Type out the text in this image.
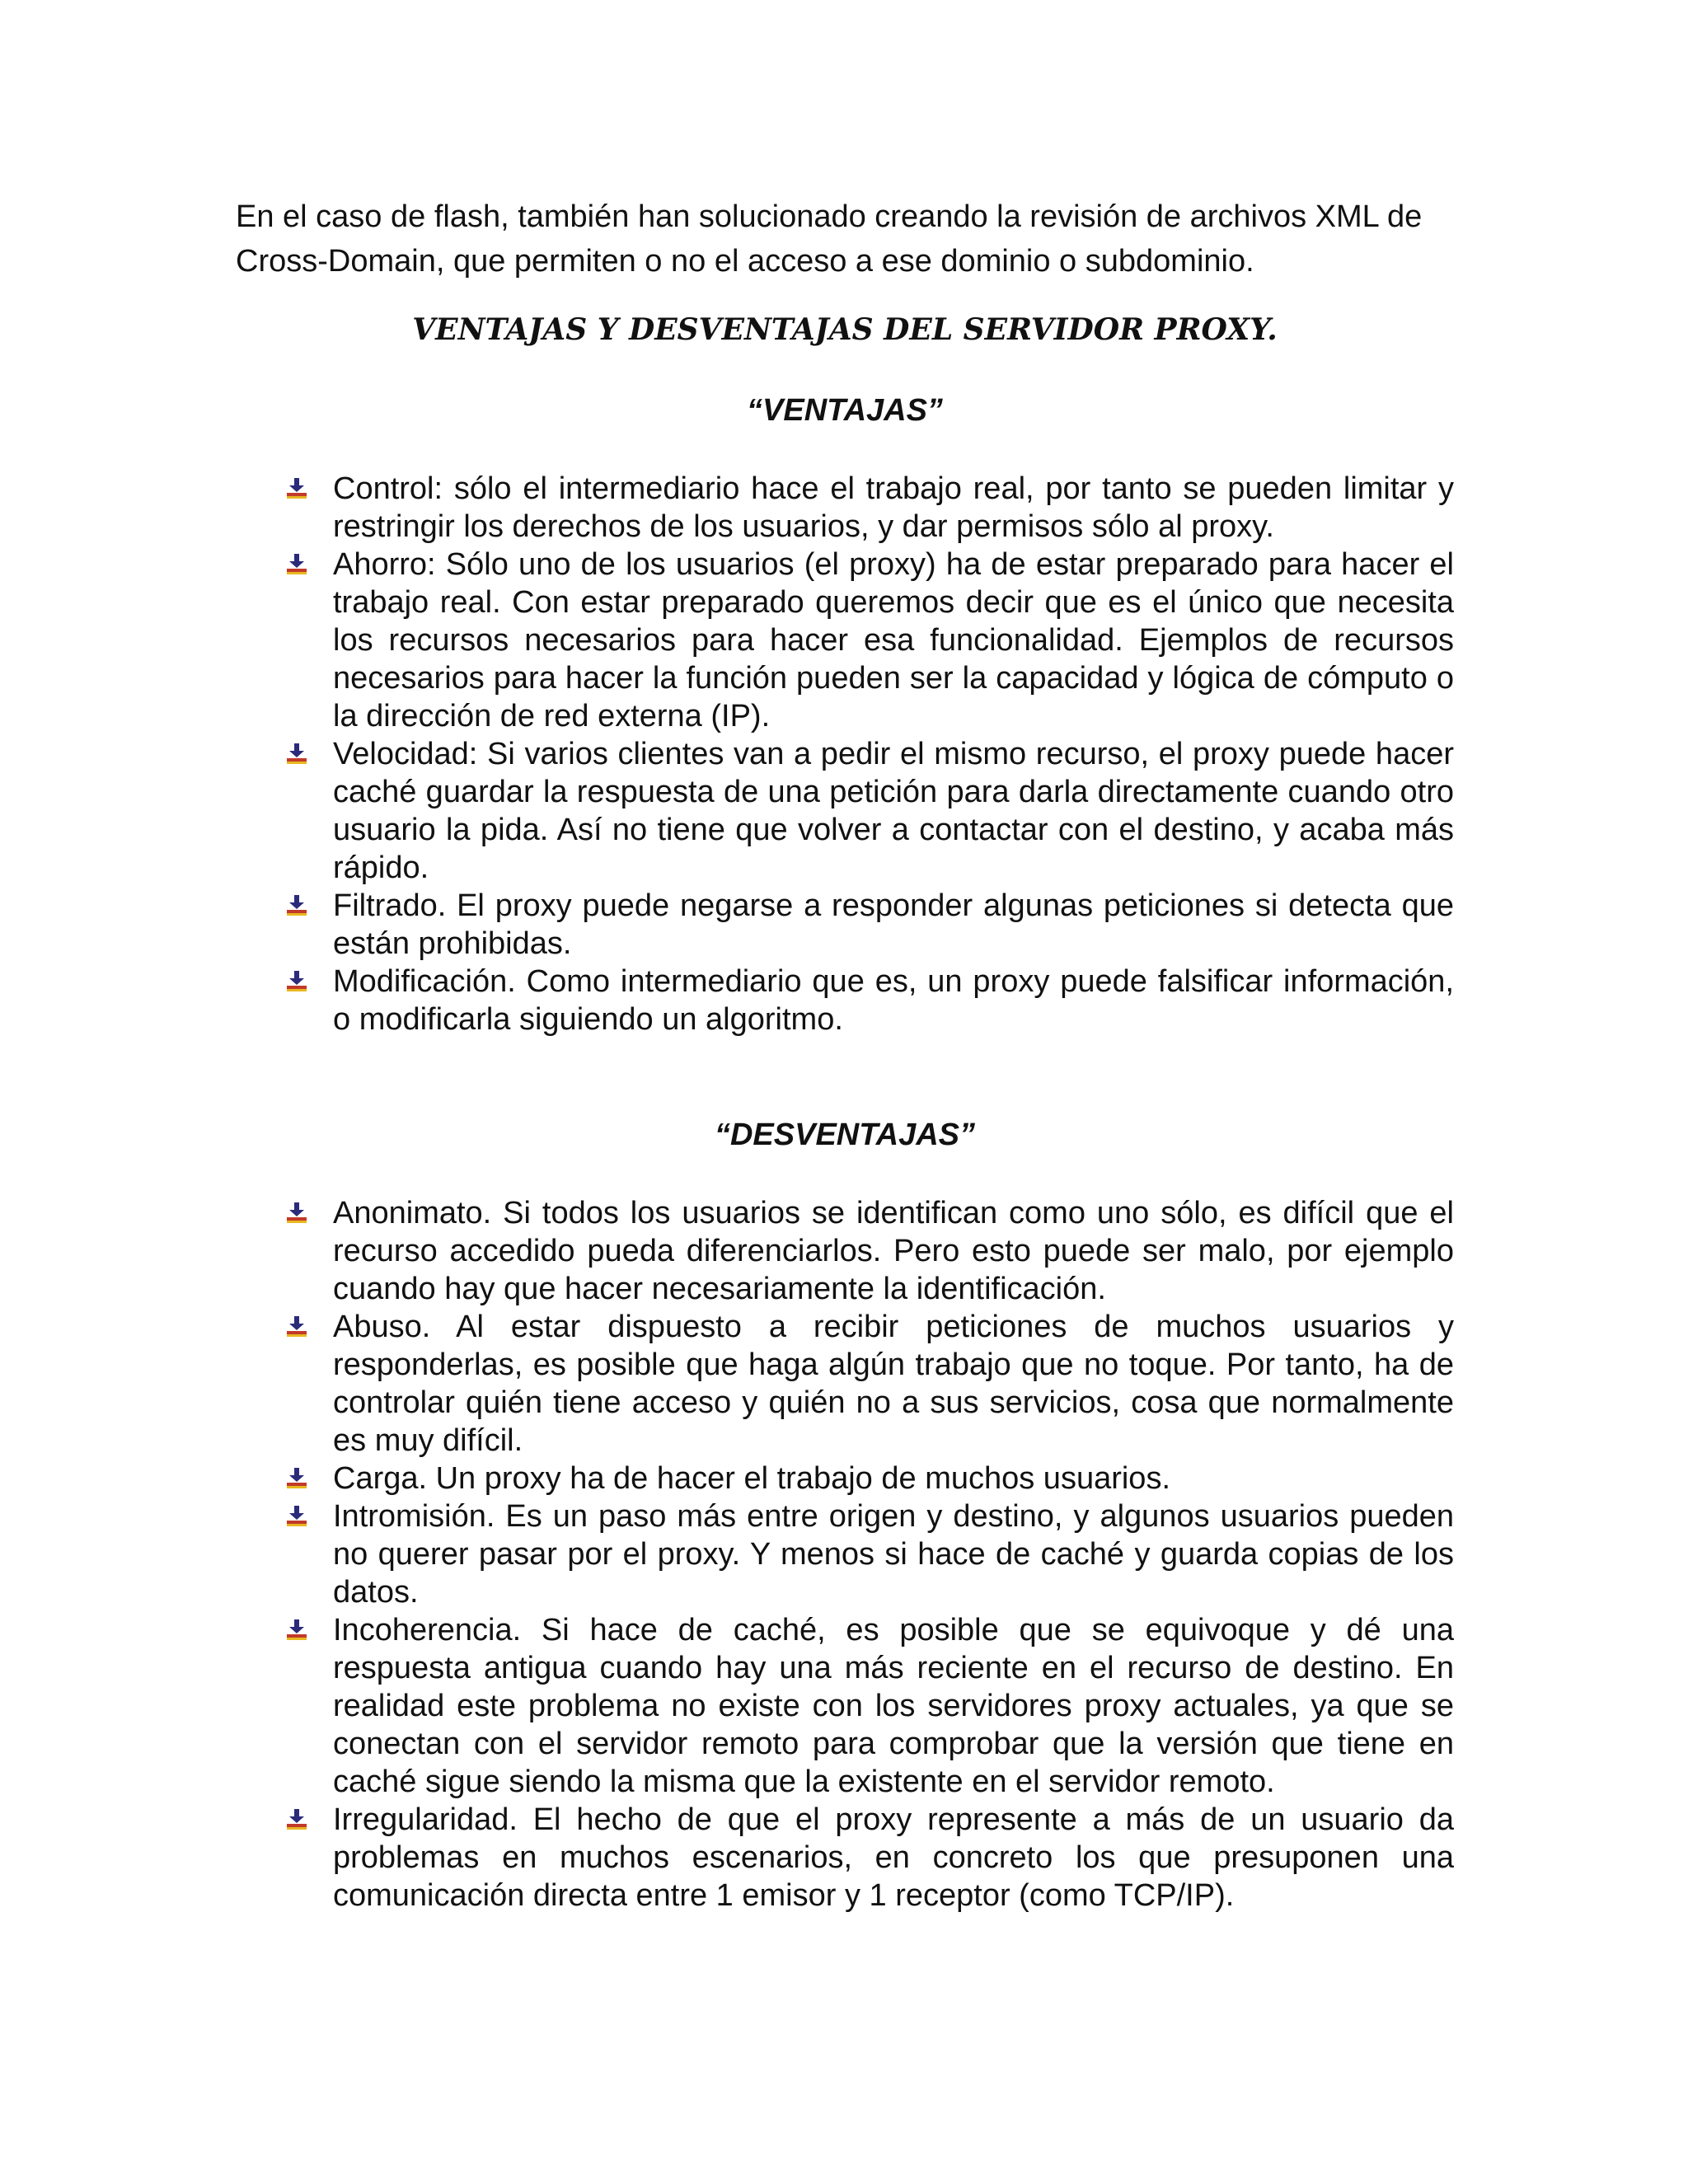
En el caso de flash, también han solucionado creando la revisión de archivos XML de Cross-Domain, que permiten o no el acceso a ese dominio o subdominio.

VENTAJAS Y DESVENTAJAS DEL SERVIDOR PROXY.
“VENTAJAS”
Control: sólo el intermediario hace el trabajo real, por tanto se pueden limitar y restringir los derechos de los usuarios, y dar permisos sólo al proxy.
Ahorro: Sólo uno de los usuarios (el proxy) ha de estar preparado para hacer el trabajo real. Con estar preparado queremos decir que es el único que necesita los recursos necesarios para hacer esa funcionalidad. Ejemplos de recursos necesarios para hacer la función pueden ser la capacidad y lógica de cómputo o la dirección de red externa (IP).
Velocidad: Si varios clientes van a pedir el mismo recurso, el proxy puede hacer caché guardar la respuesta de una petición para darla directamente cuando otro usuario la pida. Así no tiene que volver a contactar con el destino, y acaba más rápido.
Filtrado. El proxy puede negarse a responder algunas peticiones si detecta que están prohibidas.
Modificación. Como intermediario que es, un proxy puede falsificar información, o modificarla siguiendo un algoritmo.
“DESVENTAJAS”
Anonimato. Si todos los usuarios se identifican como uno sólo, es difícil que el recurso accedido pueda diferenciarlos. Pero esto puede ser malo, por ejemplo cuando hay que hacer necesariamente la identificación.
Abuso. Al estar dispuesto a recibir peticiones de muchos usuarios y responderlas, es posible que haga algún trabajo que no toque. Por tanto, ha de controlar quién tiene acceso y quién no a sus servicios, cosa que normalmente es muy difícil.
Carga. Un proxy ha de hacer el trabajo de muchos usuarios.
Intromisión. Es un paso más entre origen y destino, y algunos usuarios pueden no querer pasar por el proxy. Y menos si hace de caché y guarda copias de los datos.
Incoherencia. Si hace de caché, es posible que se equivoque y dé una respuesta antigua cuando hay una más reciente en el recurso de destino. En realidad este problema no existe con los servidores proxy actuales, ya que se conectan con el servidor remoto para comprobar que la versión que tiene en caché sigue siendo la misma que la existente en el servidor remoto.
Irregularidad. El hecho de que el proxy represente a más de un usuario da problemas en muchos escenarios, en concreto los que presuponen una comunicación directa entre 1 emisor y 1 receptor (como TCP/IP).
